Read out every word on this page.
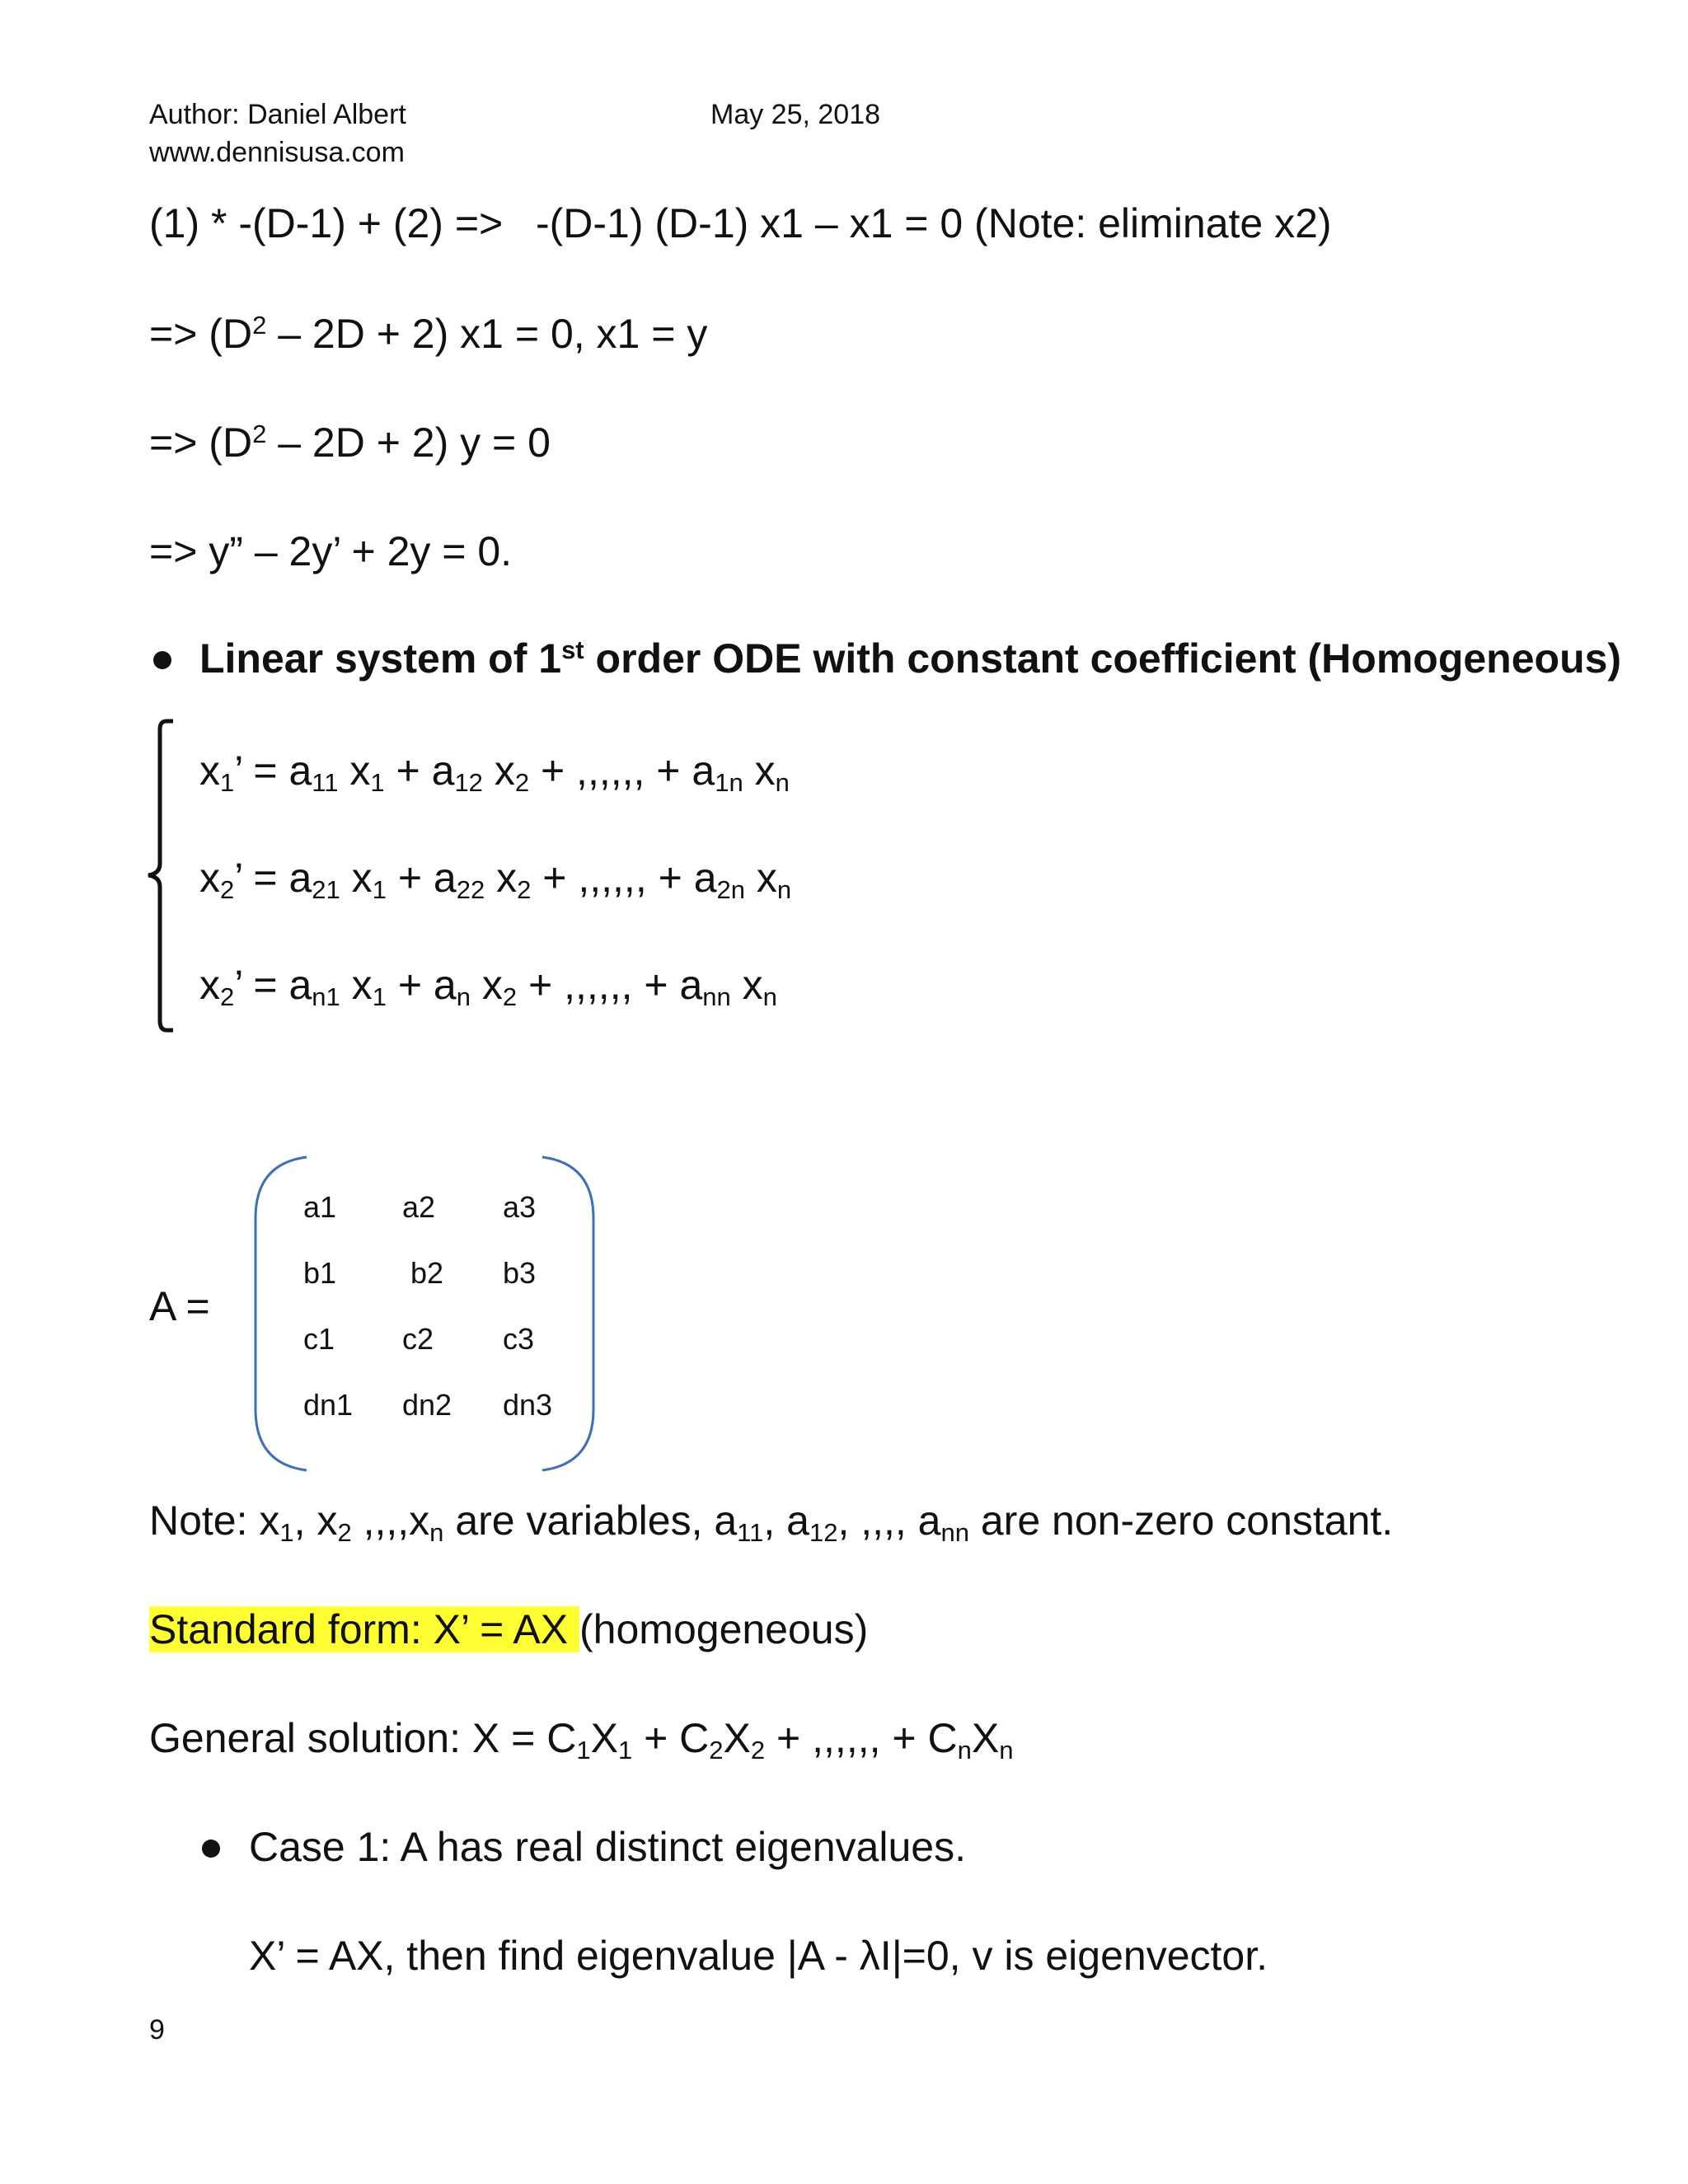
Author: Daniel Albert
www.dennisusa.com
May 25, 2018
(1) * -(D-1) + (2) => -(D-1) (D-1) x1 – x1 = 0 (Note: eliminate x2)
=> $(D^2 - 2D + 2) x1 = 0$, x1 = y
=> $(D^2 - 2D + 2) y = 0$
=> y” – 2y’ + 2y = 0.
Linear system of 1st order ODE with constant coefficient (Homogeneous)
$x_1$’ = $a_{11}$ $x_1 + a_{12}$ $x_2$ + ,,,,,, + $a_{1n}$ $x_n$
$x_2$’ = $a_{21}$ $x_1 + a_{22}$ $x_2$ + ,,,,,, + $a_{2n}$ $x_n$
$x_2$’ = $a_{n1}$ $x_1 + a_n$ $x_2$ + ,,,,,, + $a_{nn}$ $x_n$
A =
a1 a2 a3
b1 b2 b3
c1 c2 c3
dn1 dn2 dn3
Note: $x_1$, $x_2$ $,,,,x_n$ are variables, $a_{11}$, $a_{12}$, ,,,, $a_{nn}$ are non-zero constant.
Standard form: X’ = AX (homogeneous)
General solution: $X = C_1X_1 + C_2X_2$ + ,,,,,, + $C_nX_n$
Case 1: A has real distinct eigenvalues.
X’ = AX, then find eigenvalue |A - λI|=0, v is eigenvector.
9
